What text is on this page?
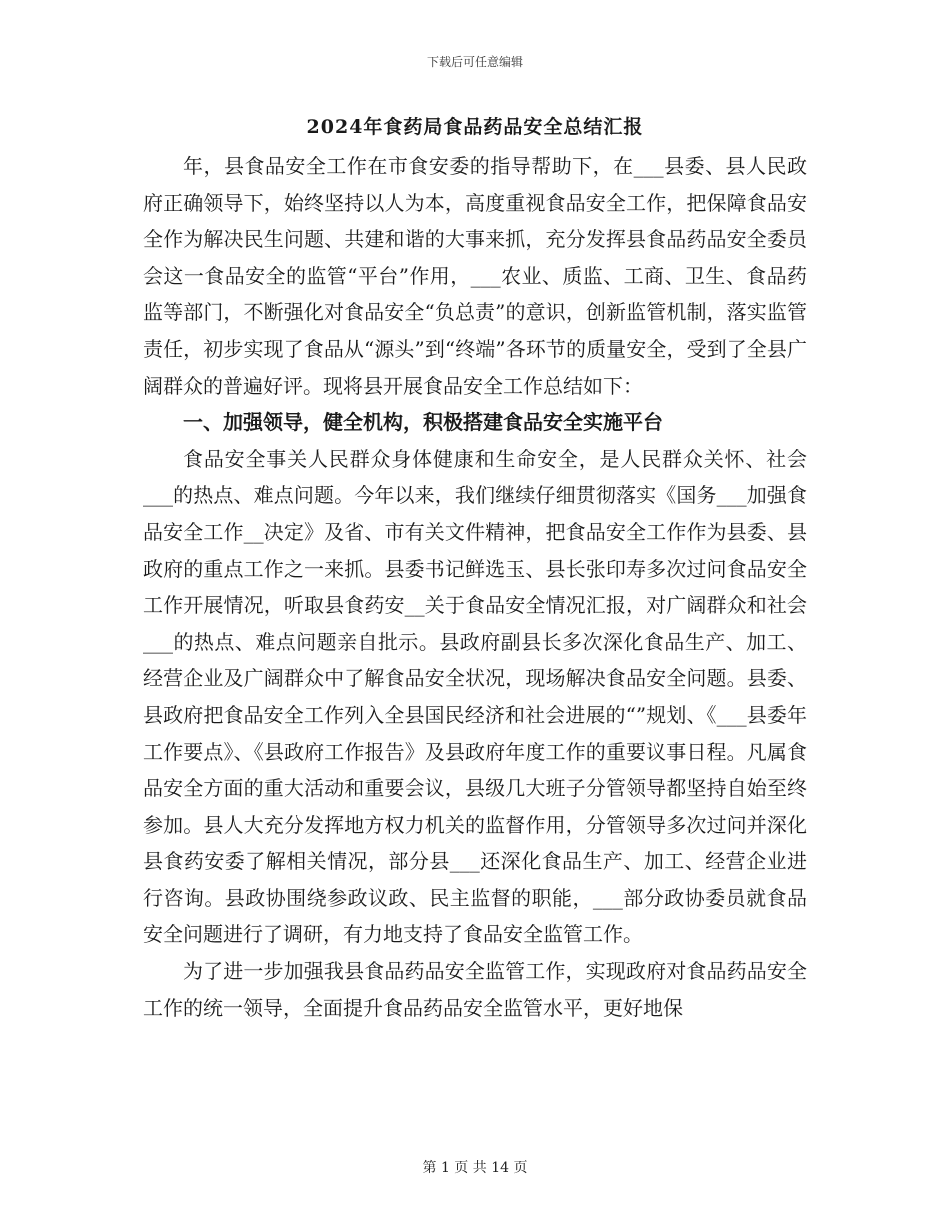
下载后可任意编辑
2024年食药局食品药品安全总结汇报

年，县食品安全工作在市食安委的指导帮助下，在___县委、县人民政府正确领导下，始终坚持以人为本，高度重视食品安全工作，把保障食品安全作为解决民生问题、共建和谐的大事来抓，充分发挥县食品药品安全委员会这一食品安全的监管“平台”作用，___农业、质监、工商、卫生、食品药监等部门，不断强化对食品安全“负总责”的意识，创新监管机制，落实监管责任，初步实现了食品从“源头”到“终端”各环节的质量安全，受到了全县广阔群众的普遍好评。现将县开展食品安全工作总结如下：

一、加强领导，健全机构，积极搭建食品安全实施平台

食品安全事关人民群众身体健康和生命安全，是人民群众关怀、社会___的热点、难点问题。今年以来，我们继续仔细贯彻落实《国务___加强食品安全工作__决定》及省、市有关文件精神，把食品安全工作作为县委、县政府的重点工作之一来抓。县委书记鲜选玉、县长张印寿多次过问食品安全工作开展情况，听取县食药安__关于食品安全情况汇报，对广阔群众和社会___的热点、难点问题亲自批示。县政府副县长多次深化食品生产、加工、经营企业及广阔群众中了解食品安全状况，现场解决食品安全问题。县委、县政府把食品安全工作列入全县国民经济和社会进展的“”规划、《___县委年工作要点》、《县政府工作报告》及县政府年度工作的重要议事日程。凡属食品安全方面的重大活动和重要会议，县级几大班子分管领导都坚持自始至终参加。县人大充分发挥地方权力机关的监督作用，分管领导多次过问并深化县食药安委了解相关情况，部分县___还深化食品生产、加工、经营企业进行咨询。县政协围绕参政议政、民主监督的职能，___部分政协委员就食品安全问题进行了调研，有力地支持了食品安全监管工作。

为了进一步加强我县食品药品安全监管工作，实现政府对食品药品安全工作的统一领导，全面提升食品药品安全监管水平，更好地保

第 1 页 共 14 页
